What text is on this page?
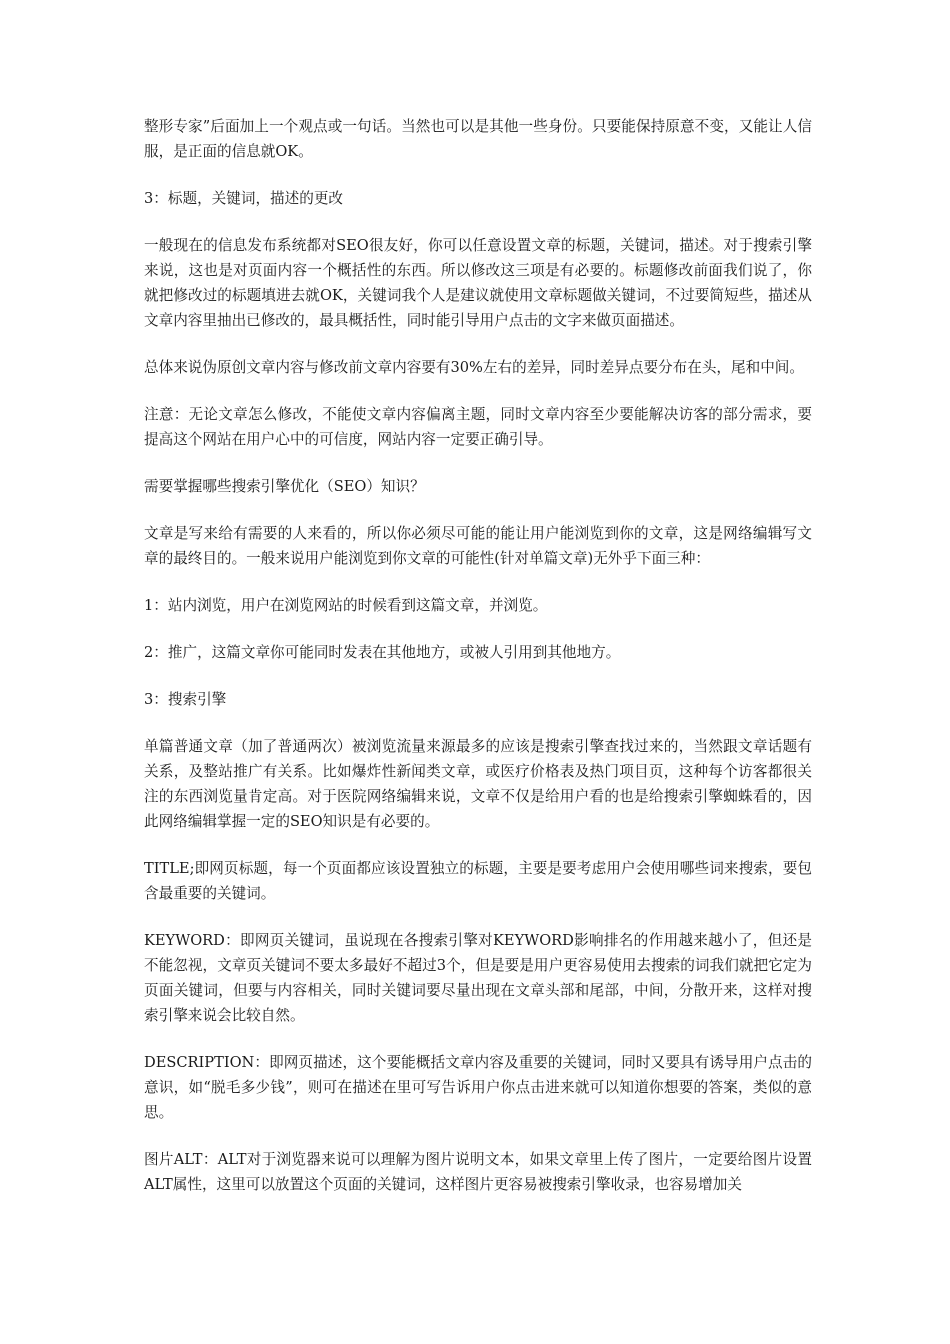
整形专家”后面加上一个观点或一句话。当然也可以是其他一些身份。只要能保持原意不变，又能让人信服，是正面的信息就OK。

3：标题，关键词，描述的更改

一般现在的信息发布系统都对SEO很友好，你可以任意设置文章的标题，关键词，描述。对于搜索引擎来说，这也是对页面内容一个概括性的东西。所以修改这三项是有必要的。标题修改前面我们说了，你就把修改过的标题填进去就OK，关键词我个人是建议就使用文章标题做关键词，不过要简短些，描述从文章内容里抽出已修改的，最具概括性，同时能引导用户点击的文字来做页面描述。

总体来说伪原创文章内容与修改前文章内容要有30%左右的差异，同时差异点要分布在头，尾和中间。

注意：无论文章怎么修改，不能使文章内容偏离主题，同时文章内容至少要能解决访客的部分需求，要提高这个网站在用户心中的可信度，网站内容一定要正确引导。

需要掌握哪些搜索引擎优化（SEO）知识？

文章是写来给有需要的人来看的，所以你必须尽可能的能让用户能浏览到你的文章，这是网络编辑写文章的最终目的。一般来说用户能浏览到你文章的可能性(针对单篇文章)无外乎下面三种：

1：站内浏览，用户在浏览网站的时候看到这篇文章，并浏览。

2：推广，这篇文章你可能同时发表在其他地方，或被人引用到其他地方。

3：搜索引擎

单篇普通文章（加了普通两次）被浏览流量来源最多的应该是搜索引擎查找过来的，当然跟文章话题有关系，及整站推广有关系。比如爆炸性新闻类文章，或医疗价格表及热门项目页，这种每个访客都很关注的东西浏览量肯定高。对于医院网络编辑来说，文章不仅是给用户看的也是给搜索引擎蜘蛛看的，因此网络编辑掌握一定的SEO知识是有必要的。

TITLE;即网页标题，每一个页面都应该设置独立的标题，主要是要考虑用户会使用哪些词来搜索，要包含最重要的关键词。

KEYWORD：即网页关键词，虽说现在各搜索引擎对KEYWORD影响排名的作用越来越小了，但还是不能忽视，文章页关键词不要太多最好不超过3个，但是要是用户更容易使用去搜索的词我们就把它定为页面关键词，但要与内容相关，同时关键词要尽量出现在文章头部和尾部，中间，分散开来，这样对搜索引擎来说会比较自然。

DESCRIPTION：即网页描述，这个要能概括文章内容及重要的关键词，同时又要具有诱导用户点击的意识，如“脱毛多少钱”，则可在描述在里可写告诉用户你点击进来就可以知道你想要的答案，类似的意思。

图片ALT：ALT对于浏览器来说可以理解为图片说明文本，如果文章里上传了图片，一定要给图片设置ALT属性，这里可以放置这个页面的关键词，这样图片更容易被搜索引擎收录，也容易增加关
